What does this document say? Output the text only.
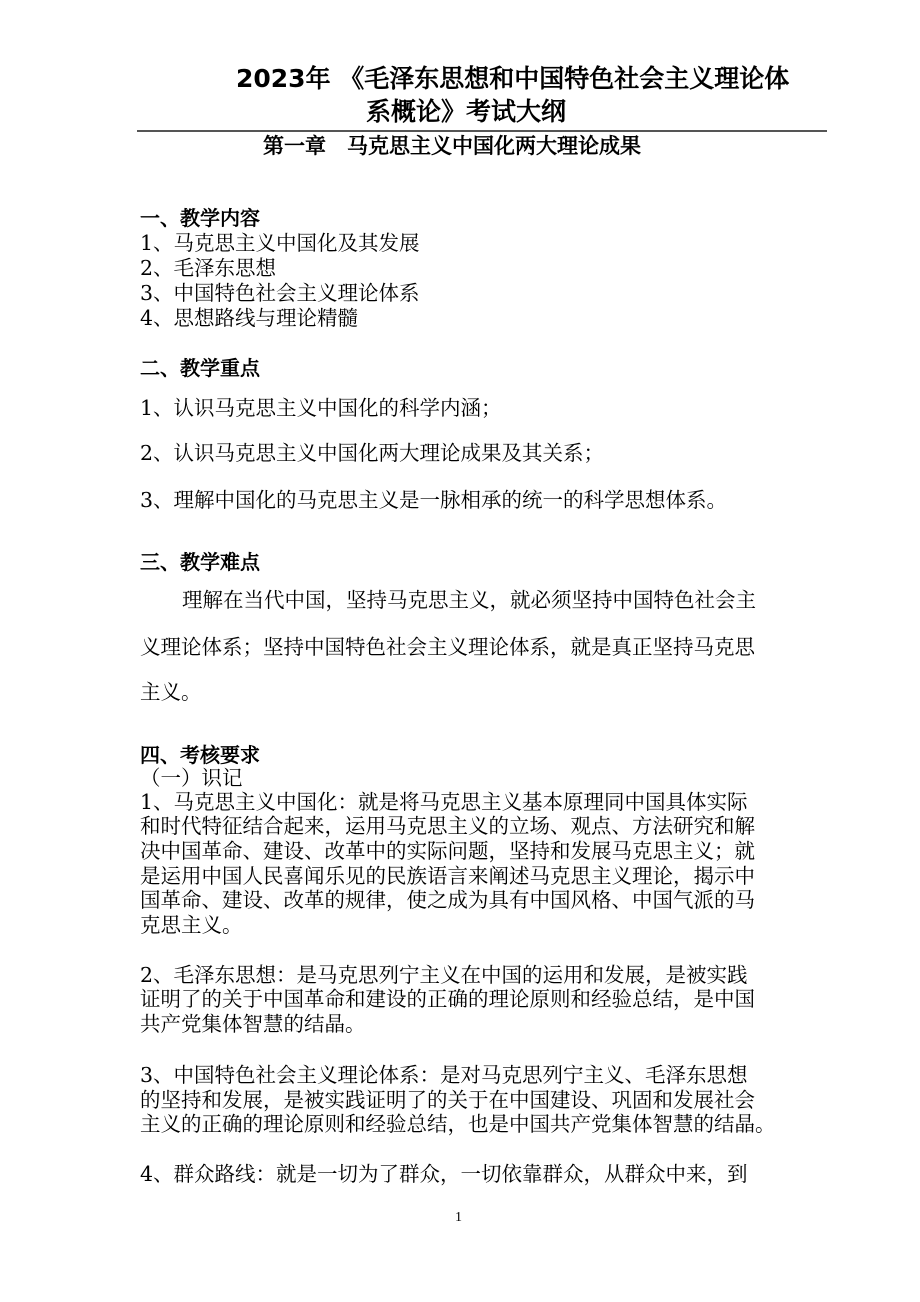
2023年 《毛泽东思想和中国特色社会主义理论体
系概论》考试大纲
第一章　马克思主义中国化两大理论成果
一、教学内容
1、马克思主义中国化及其发展
2、毛泽东思想
3、中国特色社会主义理论体系
4、思想路线与理论精髓
二、教学重点
1、认识马克思主义中国化的科学内涵；
2、认识马克思主义中国化两大理论成果及其关系；
3、理解中国化的马克思主义是一脉相承的统一的科学思想体系。
三、教学难点
理解在当代中国，坚持马克思主义，就必须坚持中国特色社会主
义理论体系；坚持中国特色社会主义理论体系，就是真正坚持马克思
主义。
四、考核要求
（一）识记
1、马克思主义中国化：就是将马克思主义基本原理同中国具体实际
和时代特征结合起来，运用马克思主义的立场、观点、方法研究和解
决中国革命、建设、改革中的实际问题，坚持和发展马克思主义；就
是运用中国人民喜闻乐见的民族语言来阐述马克思主义理论，揭示中
国革命、建设、改革的规律，使之成为具有中国风格、中国气派的马
克思主义。
2、毛泽东思想：是马克思列宁主义在中国的运用和发展，是被实践
证明了的关于中国革命和建设的正确的理论原则和经验总结，是中国
共产党集体智慧的结晶。
3、中国特色社会主义理论体系：是对马克思列宁主义、毛泽东思想
的坚持和发展，是被实践证明了的关于在中国建设、巩固和发展社会
主义的正确的理论原则和经验总结，也是中国共产党集体智慧的结晶。
4、群众路线：就是一切为了群众，一切依靠群众，从群众中来，到
1
